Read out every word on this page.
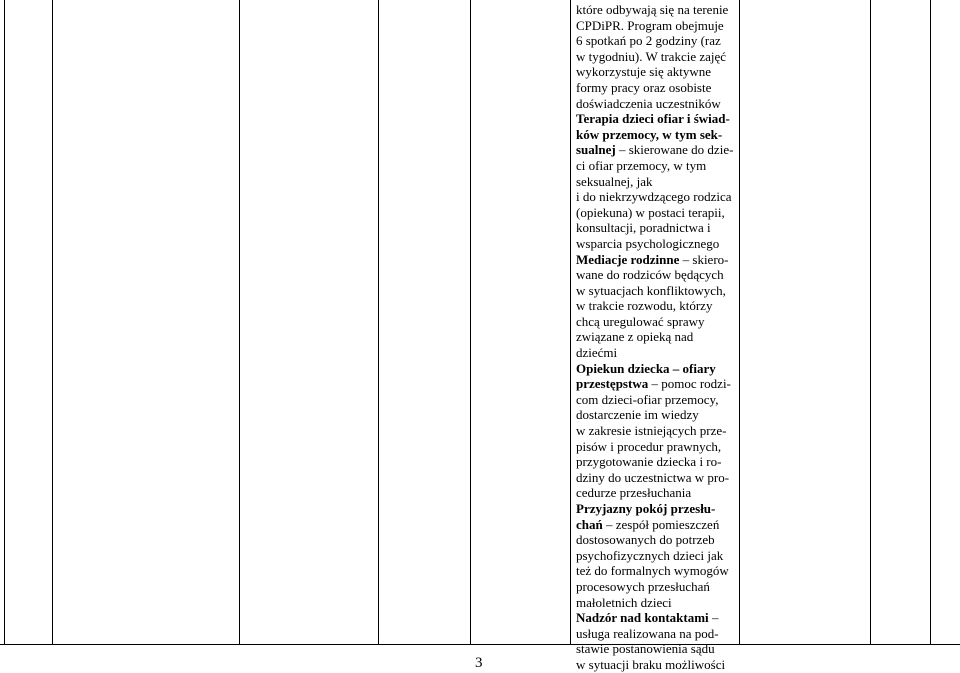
które odbywają się na terenie
CPDiPR. Program obejmuje
6 spotkań po 2 godziny (raz
w tygodniu). W trakcie zajęć
wykorzystuje się aktywne
formy pracy oraz osobiste
doświadczenia uczestników
Terapia dzieci ofiar i świad-
ków przemocy, w tym sek-
sualnej – skierowane do dzie-
ci ofiar przemocy, w tym
seksualnej, jak
i do niekrzywdzącego rodzica
(opiekuna) w postaci terapii,
konsultacji, poradnictwa i
wsparcia psychologicznego
Mediacje rodzinne – skiero-
wane do rodziców będących
w sytuacjach konfliktowych,
w trakcie rozwodu, którzy
chcą uregulować sprawy
związane z opieką nad
dziećmi
Opiekun dziecka – ofiary
przestępstwa – pomoc rodzi-
com dzieci-ofiar przemocy,
dostarczenie im wiedzy
w zakresie istniejących prze-
pisów i procedur prawnych,
przygotowanie dziecka i ro-
dziny do uczestnictwa w pro-
cedurze przesłuchania
Przyjazny pokój przesłu-
chań – zespół pomieszczeń
dostosowanych do potrzeb
psychofizycznych dzieci jak
też do formalnych wymogów
procesowych przesłuchań
małoletnich dzieci
Nadzór nad kontaktami –
usługa realizowana na pod-
stawie postanowienia sądu
w sytuacji braku możliwości
3
